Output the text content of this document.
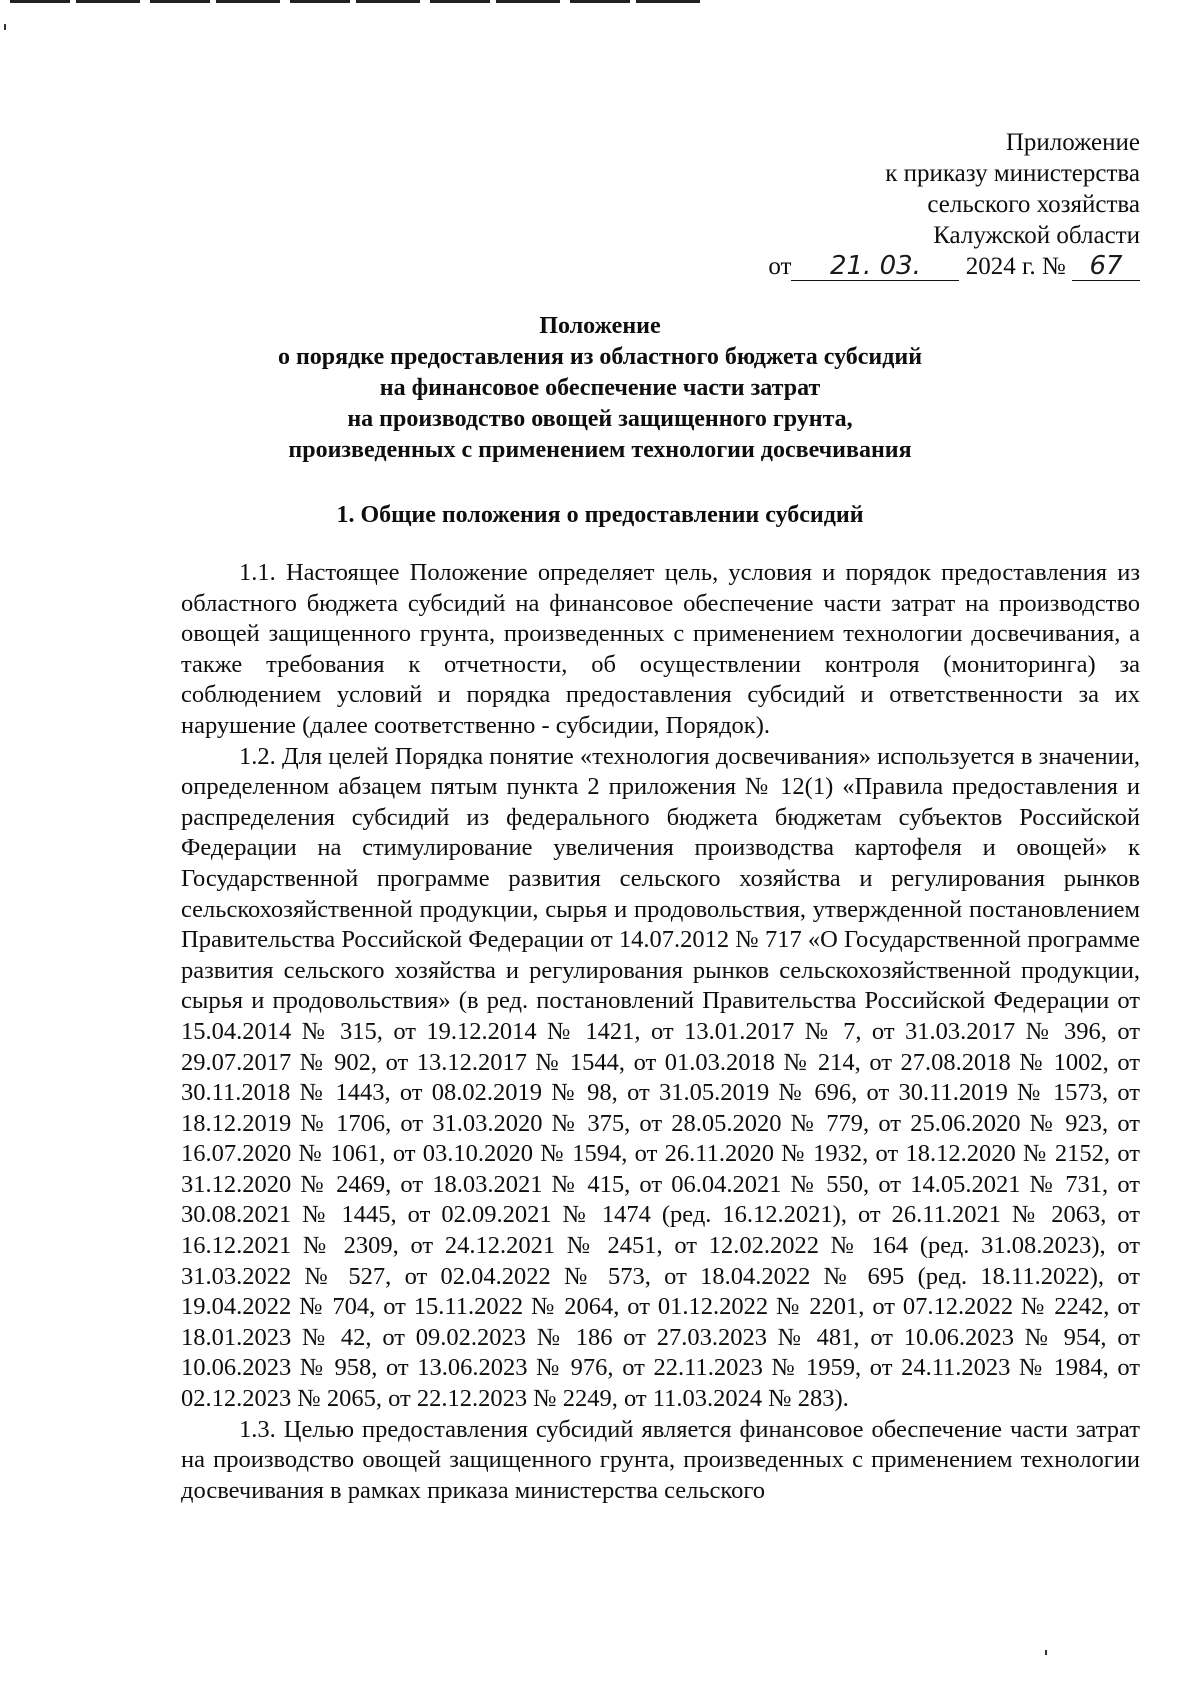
Приложение
к приказу министерства
сельского хозяйства
Калужской области
от 21. 03. 2024 г. № 67
Положение
о порядке предоставления из областного бюджета субсидий
на финансовое обеспечение части затрат
на производство овощей защищенного грунта,
произведенных с применением технологии досвечивания
1. Общие положения о предоставлении субсидий

1.1. Настоящее Положение определяет цель, условия и порядок предоставления из областного бюджета субсидий на финансовое обеспечение части затрат на производство овощей защищенного грунта, произведенных с применением технологии досвечивания, а также требования к отчетности, об осуществлении контроля (мониторинга) за соблюдением условий и порядка предоставления субсидий и ответственности за их нарушение (далее соответственно - субсидии, Порядок).

1.2. Для целей Порядка понятие «технология досвечивания» используется в значении, определенном абзацем пятым пункта 2 приложения № 12(1) «Правила предоставления и распределения субсидий из федерального бюджета бюджетам субъектов Российской Федерации на стимулирование увеличения производства картофеля и овощей» к Государственной программе развития сельского хозяйства и регулирования рынков сельскохозяйственной продукции, сырья и продовольствия, утвержденной постановлением Правительства Российской Федерации от 14.07.2012 № 717 «О Государственной программе развития сельского хозяйства и регулирования рынков сельскохозяйственной продукции, сырья и продовольствия» (в ред. постановлений Правительства Российской Федерации от 15.04.2014 № 315, от 19.12.2014 № 1421, от 13.01.2017 № 7, от 31.03.2017 № 396, от 29.07.2017 № 902, от 13.12.2017 № 1544, от 01.03.2018 № 214, от 27.08.2018 № 1002, от 30.11.2018 № 1443, от 08.02.2019 № 98, от 31.05.2019 № 696, от 30.11.2019 № 1573, от 18.12.2019 № 1706, от 31.03.2020 № 375, от 28.05.2020 № 779, от 25.06.2020 № 923, от 16.07.2020 № 1061, от 03.10.2020 № 1594, от 26.11.2020 № 1932, от 18.12.2020 № 2152, от 31.12.2020 № 2469, от 18.03.2021 № 415, от 06.04.2021 № 550, от 14.05.2021 № 731, от 30.08.2021 № 1445, от 02.09.2021 № 1474 (ред. 16.12.2021), от 26.11.2021 № 2063, от 16.12.2021 № 2309, от 24.12.2021 № 2451, от 12.02.2022 № 164 (ред. 31.08.2023), от 31.03.2022 № 527, от 02.04.2022 № 573, от 18.04.2022 № 695 (ред. 18.11.2022), от 19.04.2022 № 704, от 15.11.2022 № 2064, от 01.12.2022 № 2201, от 07.12.2022 № 2242, от 18.01.2023 № 42, от 09.02.2023 № 186 от 27.03.2023 № 481, от 10.06.2023 № 954, от 10.06.2023 № 958, от 13.06.2023 № 976, от 22.11.2023 № 1959, от 24.11.2023 № 1984, от 02.12.2023 № 2065, от 22.12.2023 № 2249, от 11.03.2024 № 283).

1.3. Целью предоставления субсидий является финансовое обеспечение части затрат на производство овощей защищенного грунта, произведенных с применением технологии досвечивания в рамках приказа министерства сельского
